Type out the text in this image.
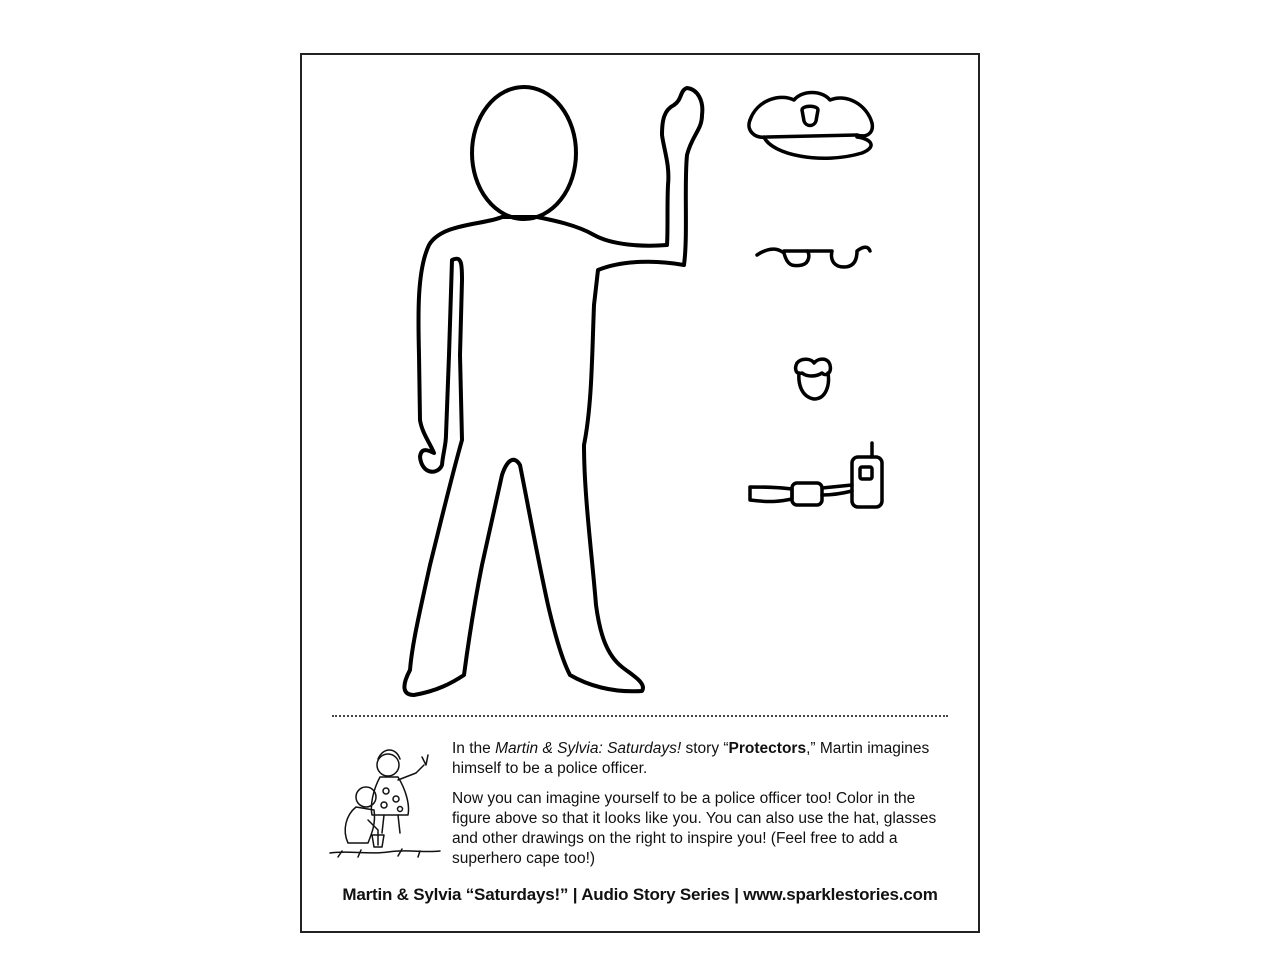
In the Martin & Sylvia: Saturdays! story “Protectors,” Martin imagines himself to be a police officer.

Now you can imagine yourself to be a police officer too! Color in the figure above so that it looks like you. You can also use the hat, glasses and other drawings on the right to inspire you! (Feel free to add a superhero cape too!)

Martin & Sylvia “Saturdays!” | Audio Story Series | www.sparklestories.com
